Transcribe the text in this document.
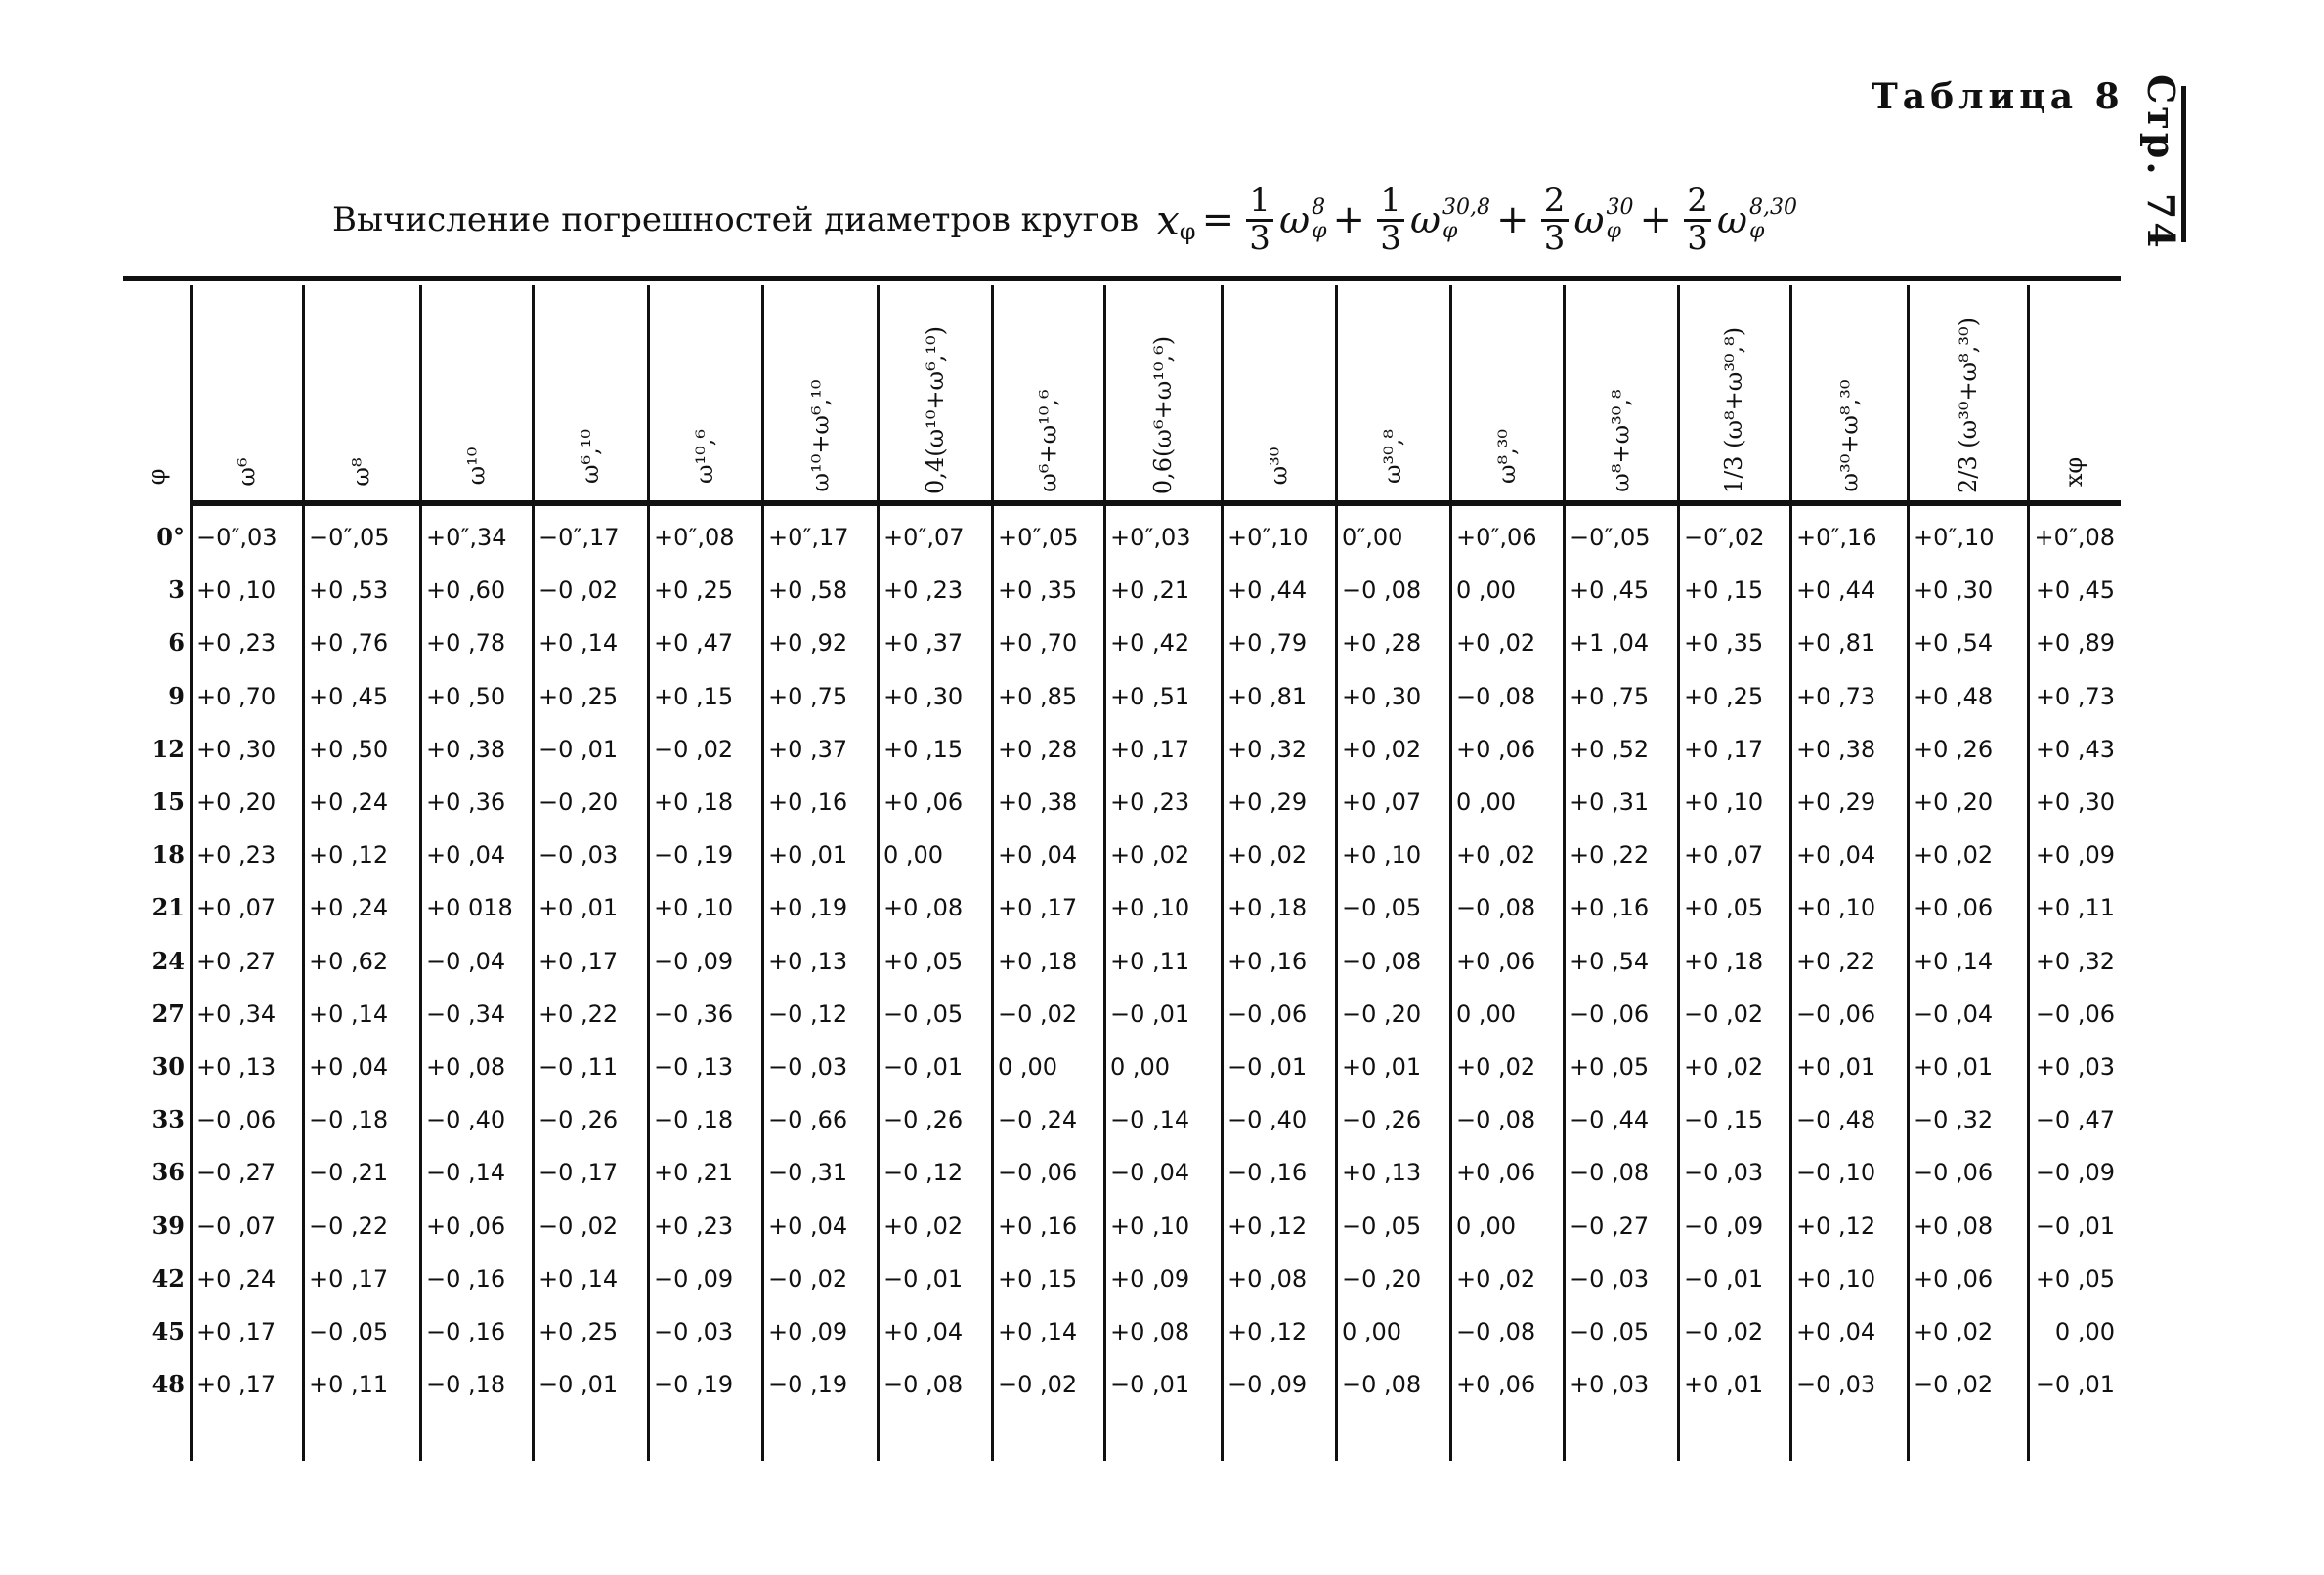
Стр. 74
Таблица 8
Вычисление погрешностей диаметров кругов x $\varphi = \frac{1}{3}$ ω 8
$\varphi + \frac{1}{3}$ ω 30,8
$\varphi + \frac{2}{3}$ ω 30
$\varphi + \frac{2}{3}$ ω 8,30
φ
φ	ω⁶	ω⁸	ω¹⁰	ω⁶,¹⁰	ω¹⁰,⁶	ω¹⁰+ω⁶,¹⁰	0,4(ω¹⁰+ω⁶,¹⁰)	ω⁶+ω¹⁰,⁶	0,6(ω⁶+ω¹⁰,⁶)	ω³⁰	ω³⁰,⁸	ω⁸,³⁰	ω⁸+ω³⁰,⁸	1/3 (ω⁸+ω³⁰,⁸)	ω³⁰+ω⁸,³⁰	2/3 (ω³⁰+ω⁸,³⁰)	xφ
0° −0″,03	−0″,05	+0″,34	−0″,17	+0″,08	+0″,17	+0″,07	+0″,05	+0″,03	+0″,10	0″,00	+0″,06	−0″,05	−0″,02	+0″,16	+0″,10	+0″,08
3 +0 ,10	+0 ,53	+0 ,60	−0 ,02	+0 ,25	+0 ,58	+0 ,23	+0 ,35	+0 ,21	+0 ,44	−0 ,08	0 ,00	+0 ,45	+0 ,15	+0 ,44	+0 ,30	+0 ,45
6 +0 ,23	+0 ,76	+0 ,78	+0 ,14	+0 ,47	+0 ,92	+0 ,37	+0 ,70	+0 ,42	+0 ,79	+0 ,28	+0 ,02	+1 ,04	+0 ,35	+0 ,81	+0 ,54	+0 ,89
9 +0 ,70	+0 ,45	+0 ,50	+0 ,25	+0 ,15	+0 ,75	+0 ,30	+0 ,85	+0 ,51	+0 ,81	+0 ,30	−0 ,08	+0 ,75	+0 ,25	+0 ,73	+0 ,48	+0 ,73
12 +0 ,30	+0 ,50	+0 ,38	−0 ,01	−0 ,02	+0 ,37	+0 ,15	+0 ,28	+0 ,17	+0 ,32	+0 ,02	+0 ,06	+0 ,52	+0 ,17	+0 ,38	+0 ,26	+0 ,43
15 +0 ,20	+0 ,24	+0 ,36	−0 ,20	+0 ,18	+0 ,16	+0 ,06	+0 ,38	+0 ,23	+0 ,29	+0 ,07	0 ,00	+0 ,31	+0 ,10	+0 ,29	+0 ,20	+0 ,30
18 +0 ,23	+0 ,12	+0 ,04	−0 ,03	−0 ,19	+0 ,01	0 ,00	+0 ,04	+0 ,02	+0 ,02	+0 ,10	+0 ,02	+0 ,22	+0 ,07	+0 ,04	+0 ,02	+0 ,09
21 +0 ,07	+0 ,24	+0 018	+0 ,01	+0 ,10	+0 ,19	+0 ,08	+0 ,17	+0 ,10	+0 ,18	−0 ,05	−0 ,08	+0 ,16	+0 ,05	+0 ,10	+0 ,06	+0 ,11
24 +0 ,27	+0 ,62	−0 ,04	+0 ,17	−0 ,09	+0 ,13	+0 ,05	+0 ,18	+0 ,11	+0 ,16	−0 ,08	+0 ,06	+0 ,54	+0 ,18	+0 ,22	+0 ,14	+0 ,32
27 +0 ,34	+0 ,14	−0 ,34	+0 ,22	−0 ,36	−0 ,12	−0 ,05	−0 ,02	−0 ,01	−0 ,06	−0 ,20	0 ,00	−0 ,06	−0 ,02	−0 ,06	−0 ,04	−0 ,06
30 +0 ,13	+0 ,04	+0 ,08	−0 ,11	−0 ,13	−0 ,03	−0 ,01	0 ,00	0 ,00	−0 ,01	+0 ,01	+0 ,02	+0 ,05	+0 ,02	+0 ,01	+0 ,01	+0 ,03
33 −0 ,06	−0 ,18	−0 ,40	−0 ,26	−0 ,18	−0 ,66	−0 ,26	−0 ,24	−0 ,14	−0 ,40	−0 ,26	−0 ,08	−0 ,44	−0 ,15	−0 ,48	−0 ,32	−0 ,47
36 −0 ,27	−0 ,21	−0 ,14	−0 ,17	+0 ,21	−0 ,31	−0 ,12	−0 ,06	−0 ,04	−0 ,16	+0 ,13	+0 ,06	−0 ,08	−0 ,03	−0 ,10	−0 ,06	−0 ,09
39 −0 ,07	−0 ,22	+0 ,06	−0 ,02	+0 ,23	+0 ,04	+0 ,02	+0 ,16	+0 ,10	+0 ,12	−0 ,05	0 ,00	−0 ,27	−0 ,09	+0 ,12	+0 ,08	−0 ,01
42 +0 ,24	+0 ,17	−0 ,16	+0 ,14	−0 ,09	−0 ,02	−0 ,01	+0 ,15	+0 ,09	+0 ,08	−0 ,20	+0 ,02	−0 ,03	−0 ,01	+0 ,10	+0 ,06	+0 ,05
45 +0 ,17	−0 ,05	−0 ,16	+0 ,25	−0 ,03	+0 ,09	+0 ,04	+0 ,14	+0 ,08	+0 ,12	0 ,00	−0 ,08	−0 ,05	−0 ,02	+0 ,04	+0 ,02	0 ,00
48 +0 ,17	+0 ,11	−0 ,18	−0 ,01	−0 ,19	−0 ,19	−0 ,08	−0 ,02	−0 ,01	−0 ,09	−0 ,08	+0 ,06	+0 ,03	+0 ,01	−0 ,03	−0 ,02	−0 ,01
